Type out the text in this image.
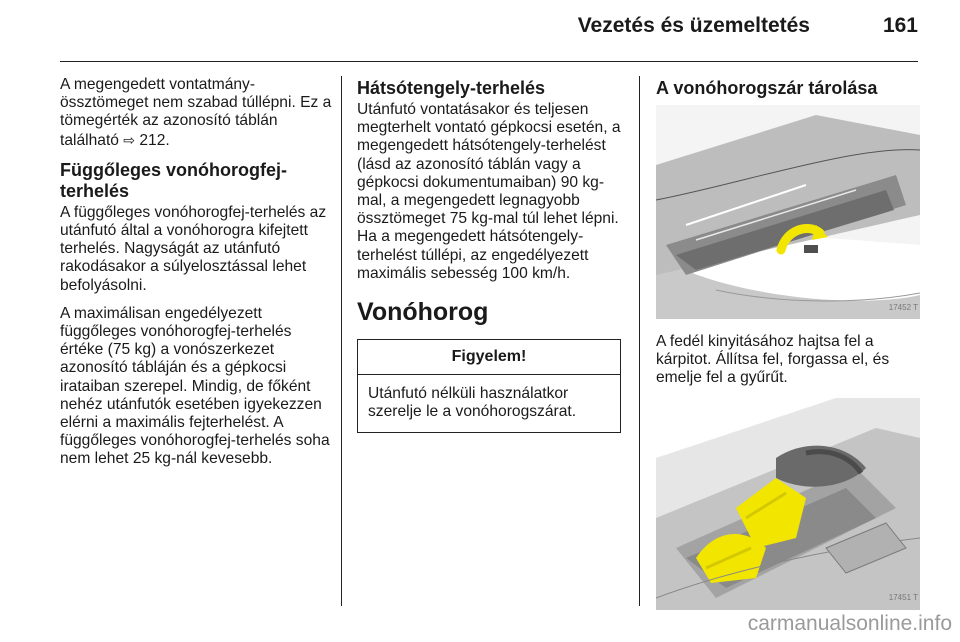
Vezetés és üzemeltetés	161

A megengedett vontatmány-össztömeget nem szabad túllépni. Ez a tömegérték az azonosító táblán található ⇨ 212.

Függőleges vonóhorogfej-terhelés

A függőleges vonóhorogfej-terhelés az utánfutó által a vonóhorogra kifejtett terhelés. Nagyságát az utánfutó rakodásakor a súlyelosztással lehet befolyásolni.

A maximálisan engedélyezett függőleges vonóhorogfej-terhelés értéke (75 kg) a vonószerkezet azonosító tábláján és a gépkocsi irataiban szerepel. Mindig, de főként nehéz utánfutók esetében igyekezzen elérni a maximális fejterhelést. A függőleges vonóhorogfej-terhelés soha nem lehet 25 kg-nál kevesebb.

Hátsótengely-terhelés

Utánfutó vontatásakor és teljesen megterhelt vontató gépkocsi esetén, a megengedett hátsótengely-terhelést (lásd az azonosító táblán vagy a gépkocsi dokumentumaiban) 90 kg-mal, a megengedett legnagyobb össztömeget 75 kg-mal túl lehet lépni. Ha a megengedett hátsótengely-terhelést túllépi, az engedélyezett maximális sebesség 100 km/h.

Vonóhorog
Figyelem!
Utánfutó nélküli használatkor szerelje le a vonóhorogszárat.
A vonóhorogszár tárolása
17452 T

A fedél kinyitásához hajtsa fel a kárpitot. Állítsa fel, forgassa el, és emelje fel a gyűrűt.

17451 T
carmanualsonline.info
